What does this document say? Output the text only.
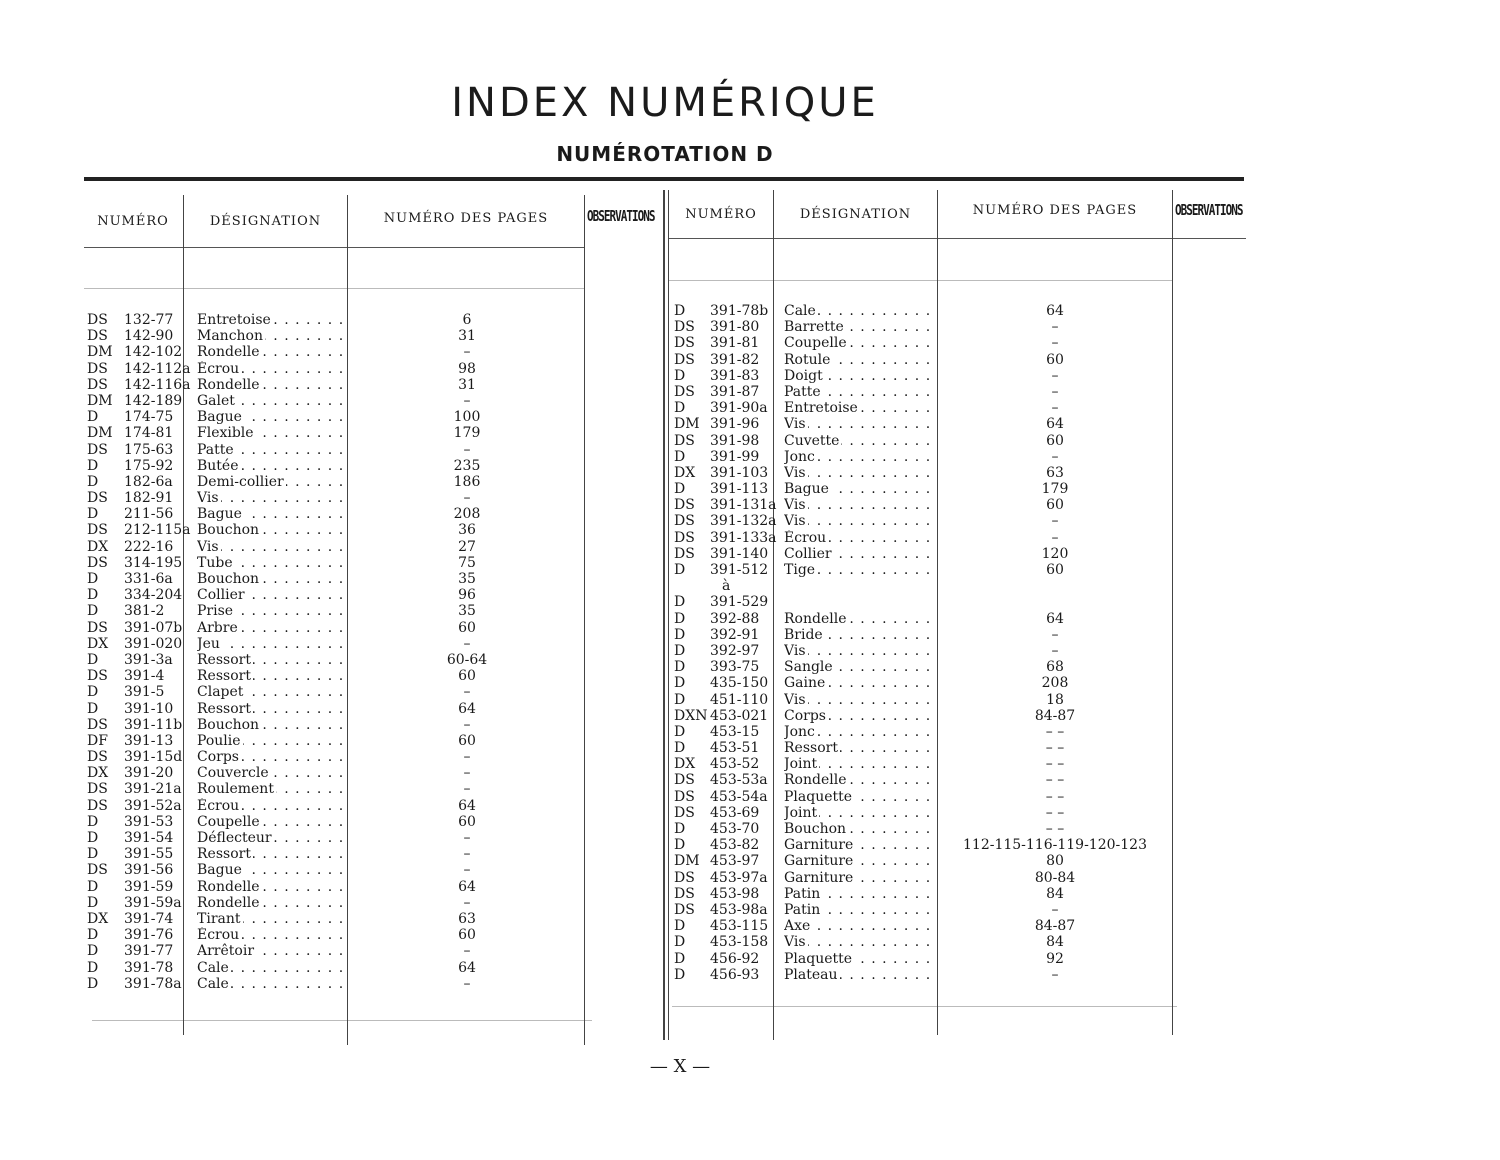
INDEX NUMÉRIQUE
NUMÉROTATION D
NUMÉRO	DÉSIGNATION	NUMÉRO DES PAGES	OBSERVATIONS	NUMÉRO	DÉSIGNATION	NUMÉRO DES PAGES	OBSERVATIONS
DS 132-77 Entretoise . . .	6
DS 142-90 Manchon . . .	31
DM 142-102 Rondelle . . .	–
DS 142-112a Écrou . . .	98
DS 142-116a Rondelle . . .	31
DM 142-189 Galet . . .	–
D 174-75 Bague . . .	100
DM 174-81 Flexible . . .	179
DS 175-63 Patte . . .	–
D 175-92 Butée . . .	235
D 182-6a Demi-collier . . .	186
DS 182-91 Vis . . .	–
D 211-56 Bague . . .	208
DS 212-115a Bouchon . . .	36
DX 222-16 Vis . . .	27
DS 314-195 Tube . . .	75
D 331-6a Bouchon . . .	35
D 334-204 Collier . . .	96
D 381-2 Prise . . .	35
DS 391-07b Arbre . . .	60
DX 391-020 Jeu . . .	–
D 391-3a Ressort . . .	60-64
DS 391-4 Ressort . . .	60
D 391-5 Clapet . . .	–
D 391-10 Ressort . . .	64
DS 391-11b Bouchon . . .	–
DF 391-13 Poulie . . .	60
DS 391-15d Corps . . .	–
DX 391-20 Couvercle . . .	–
DS 391-21a Roulement . . .	–
DS 391-52a Écrou . . .	64
D 391-53 Coupelle . . .	60
D 391-54 Déflecteur . . .	–
D 391-55 Ressort . . .	–
DS 391-56 Bague . . .	–
D 391-59 Rondelle . . .	64
D 391-59a Rondelle . . .	–
DX 391-74 Tirant . . .	63
D 391-76 Écrou . . .	60
D 391-77 Arrêtoir . . .	–
D 391-78 Cale . . .	64
D 391-78a Cale . . .	–
D 391-78b Cale . . .	64
DS 391-80 Barrette . . .	–
DS 391-81 Coupelle . . .	–
DS 391-82 Rotule . . .	60
D 391-83 Doigt . . .	–
DS 391-87 Patte . . .	–
D 391-90a Entretoise . . .	–
DM 391-96 Vis . . .	64
DS 391-98 Cuvette . . .	60
D 391-99 Jonc . . .	–
DX 391-103 Vis . . .	63
D 391-113 Bague . . .	179
DS 391-131a Vis . . .	60
DS 391-132a Vis . . .	–
DS 391-133a Écrou . . .	–
DS 391-140 Collier . . .	120
D 391-512 Tige . . .	60
à
D 391-529
D 392-88 Rondelle . . .	64
D 392-91 Bride . . .	–
D 392-97 Vis . . .	–
D 393-75 Sangle . . .	68
D 435-150 Gaine . . .	208
D 451-110 Vis . . .	18
DXN 453-021 Corps . . .	84-87
D 453-15 Jonc . . .	– –
D 453-51 Ressort . . .	– –
DX 453-52 Joint . . .	– –
DS 453-53a Rondelle . . .	– –
DS 453-54a Plaquette . . .	– –
DS 453-69 Joint . . .	– –
D 453-70 Bouchon . . .	– –
D 453-82 Garniture . . .	112-115-116-119-120-123
DM 453-97 Garniture . . .	80
DS 453-97a Garniture . . .	80-84
DS 453-98 Patin . . .	84
DS 453-98a Patin . . .	–
D 453-115 Axe . . .	84-87
D 453-158 Vis . . .	84
D 456-92 Plaquette . . .	92
D 456-93 Plateau . . .	–
— X —
